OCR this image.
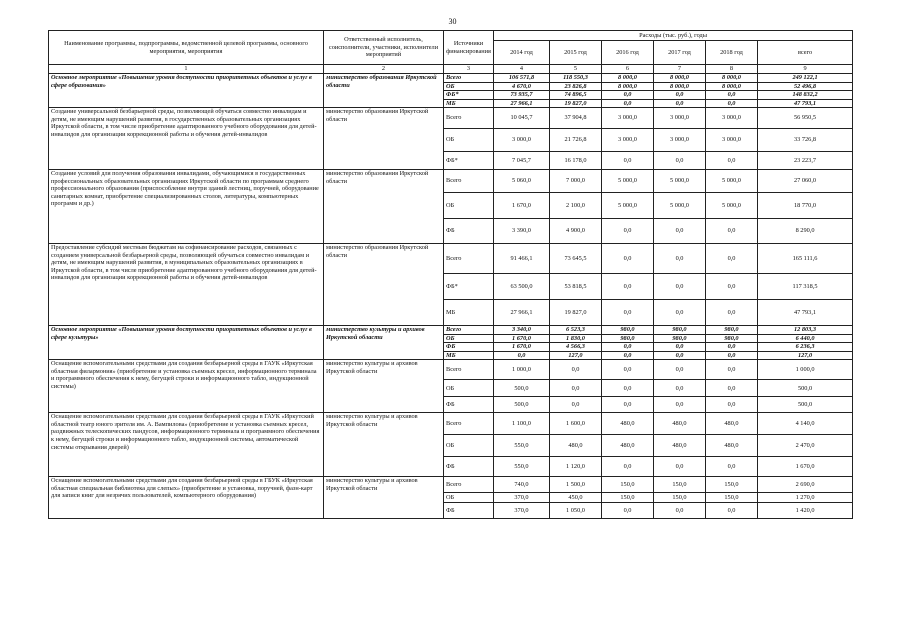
30
Наименование программы, подпрограммы, ведомственной целевой программы, основного мероприятия, мероприятия	Ответственный исполнитель, соисполнители, участники, исполнители мероприятий	Источники финансирования	Расходы (тыс. руб.), годы					
			2014 год	2015 год	2016 год	2017 год	2018 год	всего
1	2	3	4	5	6	7	8	9
Основное мероприятие «Повышение уровня доступности приоритетных объектов и услуг в сфере образования»	министерство образования Иркутской области	Всего	106 571,8	118 550,3	8 000,0	8 000,0	8 000,0	249 122,1
		ОБ	4 670,0	23 826,8	8 000,0	8 000,0	8 000,0	52 496,8
		ФБ*	73 935,7	74 896,5	0,0	0,0	0,0	148 832,2
		МБ	27 966,1	19 827,0	0,0	0,0	0,0	47 793,1
Создание универсальной безбарьерной среды, позволяющей обучаться совместно инвалидам и детям, не имеющим нарушений развития, в государственных образовательных организациях Иркутской области, в том числе приобретение адаптированного учебного оборудования для детей-инвалидов для организации коррекционной работы и обучения детей-инвалидов	министерство образования Иркутской области	Всего	10 045,7	37 904,8	3 000,0	3 000,0	3 000,0	56 950,5
		ОБ	3 000,0	21 726,8	3 000,0	3 000,0	3 000,0	33 726,8
		ФБ*	7 045,7	16 178,0	0,0	0,0	0,0	23 223,7
Создание условий для получения образования инвалидами, обучающимися в государственных профессиональных образовательных организациях Иркутской области по программам среднего профессионального образования (приспособление внутри зданий лестниц, поручней, оборудование санитарных комнат, приобретение специализированных столов, литературы, компьютерных программ и др.)	министерство образования Иркутской области	Всего	5 060,0	7 000,0	5 000,0	5 000,0	5 000,0	27 060,0
		ОБ	1 670,0	2 100,0	5 000,0	5 000,0	5 000,0	18 770,0
		ФБ	3 390,0	4 900,0	0,0	0,0	0,0	8 290,0
Предоставление субсидий местным бюджетам на софинансирование расходов, связанных с созданием универсальной безбарьерной среды, позволяющей обучаться совместно инвалидам и детям, не имеющим нарушений развития, в муниципальных образовательных организациях в Иркутской области, в том числе приобретение адаптированного учебного оборудования для детей-инвалидов для организации коррекционной работы и обучения детей-инвалидов	министерство образования Иркутской области	Всего	91 466,1	73 645,5	0,0	0,0	0,0	165 111,6
		ФБ*	63 500,0	53 818,5	0,0	0,0	0,0	117 318,5
		МБ	27 966,1	19 827,0	0,0	0,0	0,0	47 793,1
Основное мероприятие «Повышение уровня доступности приоритетных объектов и услуг в сфере культуры»	министерство культуры и архивов Иркутской области	Всего	3 340,0	6 523,3	980,0	980,0	980,0	12 803,3
		ОБ	1 670,0	1 830,0	980,0	980,0	980,0	6 440,0
		ФБ	1 670,0	4 566,3	0,0	0,0	0,0	6 236,3
		МБ	0,0	127,0	0,0	0,0	0,0	127,0
Оснащение вспомогательными средствами для создания безбарьерной среды в ГАУК «Иркутская областная филармония» (приобретение и установка съемных кресел, информационного терминала и программного обеспечения к нему, бегущей строки и информационного табло, индукционной системы)	министерство культуры и архивов Иркутской области	Всего	1 000,0	0,0	0,0	0,0	0,0	1 000,0
		ОБ	500,0	0,0	0,0	0,0	0,0	500,0
		ФБ	500,0	0,0	0,0	0,0	0,0	500,0
Оснащение вспомогательными средствами для создания безбарьерной среды в ГАУК «Иркутский областной театр юного зрителя им. А. Вампилова» (приобретение и установка съемных кресел, раздвижных телескопических пандусов, информационного терминала и программного обеспечения к нему, бегущей строки и информационного табло, индукционной системы, автоматической системы открывания дверей)	министерство культуры и архивов Иркутской области	Всего	1 100,0	1 600,0	480,0	480,0	480,0	4 140,0
		ОБ	550,0	480,0	480,0	480,0	480,0	2 470,0
		ФБ	550,0	1 120,0	0,0	0,0	0,0	1 670,0
Оснащение вспомогательными средствами для создания безбарьерной среды в ГБУК «Иркутская областная специальная библиотека для слепых» (приобретение и установка, поручней, фазн-карт для записи книг для незрячих пользователей, компьютерного оборудования)	министерство культуры и архивов Иркутской области	Всего	740,0	1 500,0	150,0	150,0	150,0	2 690,0
		ОБ	370,0	450,0	150,0	150,0	150,0	1 270,0
		ФБ	370,0	1 050,0	0,0	0,0	0,0	1 420,0
